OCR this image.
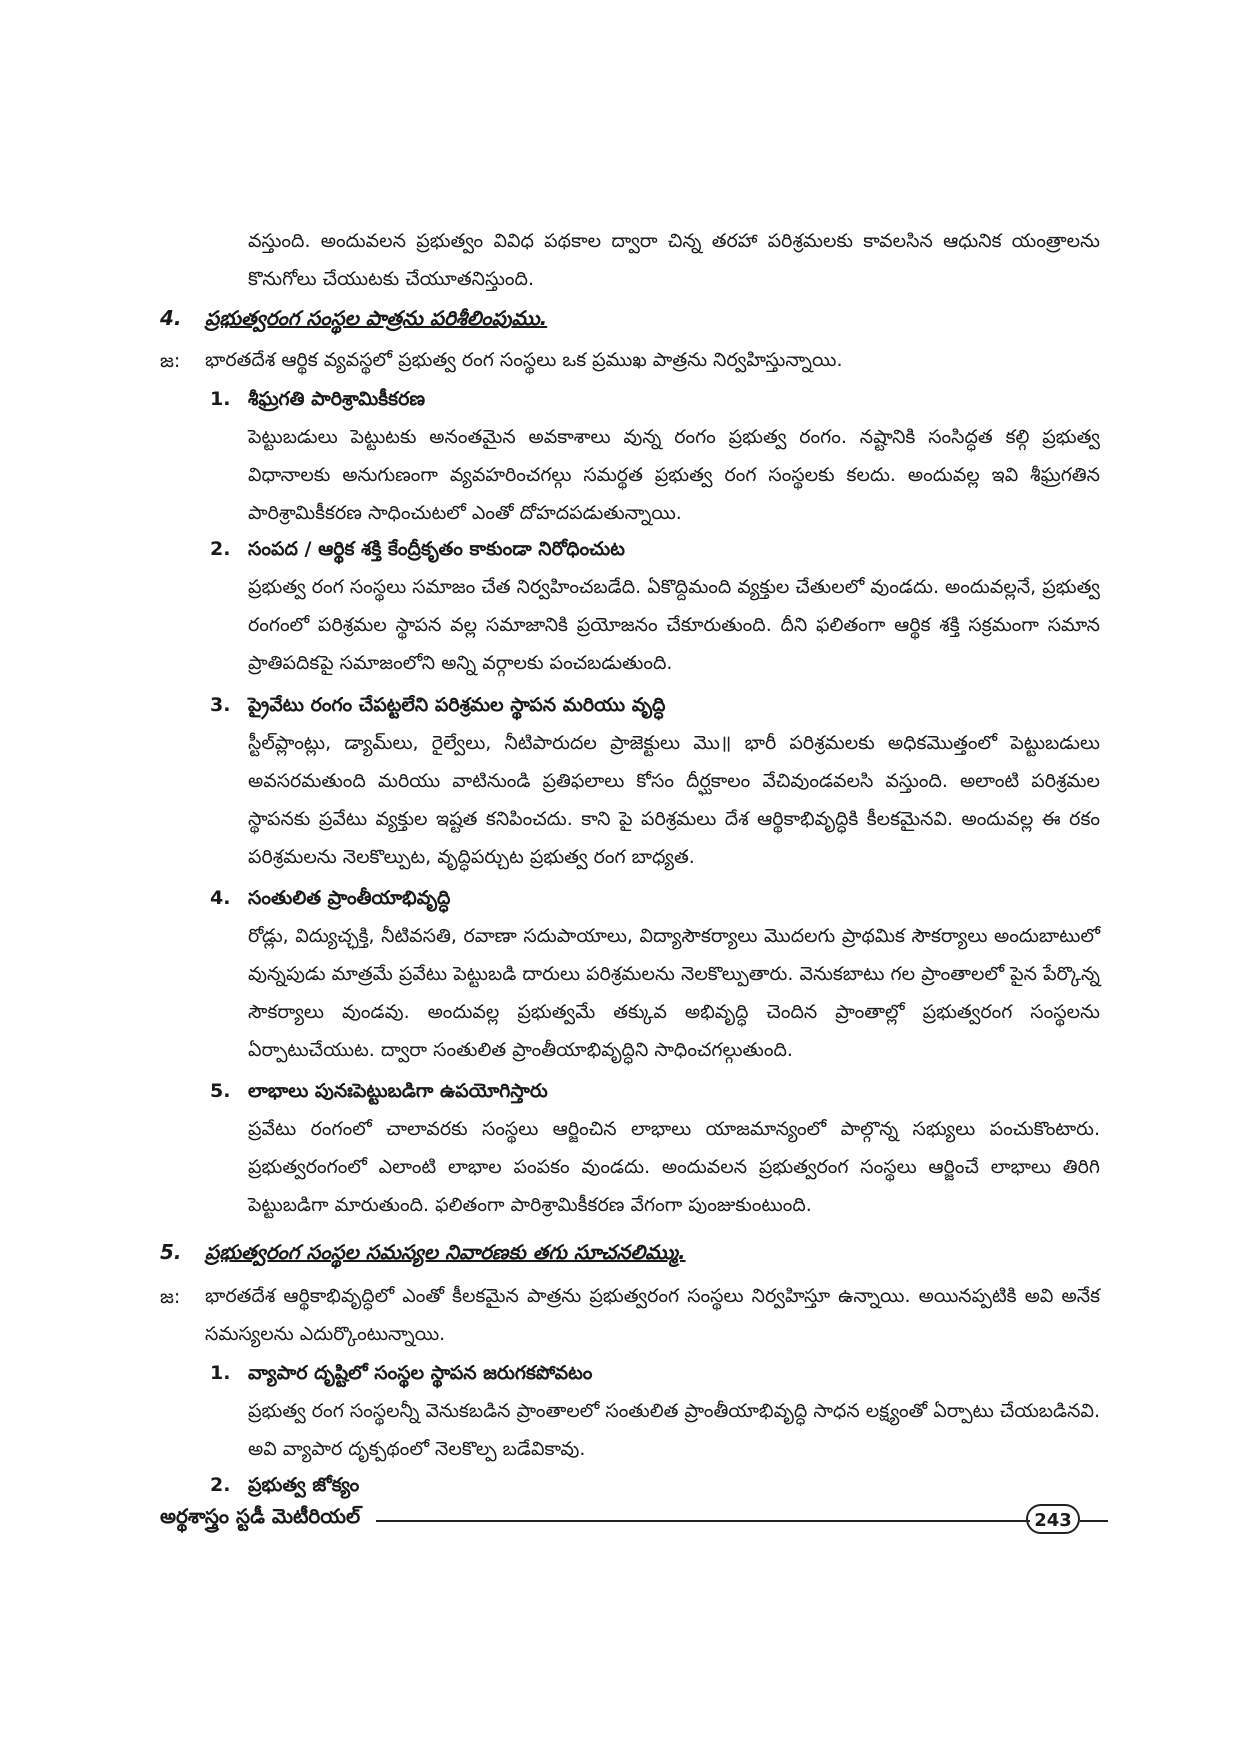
వస్తుంది. అందువలన ప్రభుత్వం వివిధ పథకాల ద్వారా చిన్న తరహా పరిశ్రమలకు కావలసిన ఆధునిక యంత్రాలను కొనుగోలు చేయుటకు చేయూతనిస్తుంది.

4. ప్రభుత్వరంగ సంస్థల పాత్రను పరిశీలింపుము.
జ: భారతదేశ ఆర్థిక వ్యవస్థలో ప్రభుత్వ రంగ సంస్థలు ఒక ప్రముఖ పాత్రను నిర్వహిస్తున్నాయి.

1. శీఘ్రగతి పారిశ్రామికీకరణ

పెట్టుబడులు పెట్టుటకు అనంతమైన అవకాశాలు వున్న రంగం ప్రభుత్వ రంగం. నష్టానికి సంసిద్ధత కల్గి ప్రభుత్వ విధానాలకు అనుగుణంగా వ్యవహరించగల్గు సమర్థత ప్రభుత్వ రంగ సంస్థలకు కలదు. అందువల్ల ఇవి శీఘ్రగతిన పారిశ్రామికీకరణ సాధించుటలో ఎంతో దోహదపడుతున్నాయి.

2. సంపద / ఆర్థిక శక్తి కేంద్రీకృతం కాకుండా నిరోధించుట

ప్రభుత్వ రంగ సంస్థలు సమాజం చేత నిర్వహించబడేది. ఏకొద్దిమంది వ్యక్తుల చేతులలో వుండదు. అందువల్లనే, ప్రభుత్వ రంగంలో పరిశ్రమల స్థాపన వల్ల సమాజానికి ప్రయోజనం చేకూరుతుంది. దీని ఫలితంగా ఆర్థిక శక్తి సక్రమంగా సమాన ప్రాతిపదికపై సమాజంలోని అన్ని వర్గాలకు పంచబడుతుంది.

3. ప్రైవేటు రంగం చేపట్టలేని పరిశ్రమల స్థాపన మరియు వృద్ధి

స్టీల్‌ప్లాంట్లు, డ్యామ్‌లు, రైల్వేలు, నీటిపారుదల ప్రాజెక్టులు మొ॥ భారీ పరిశ్రమలకు అధికమొత్తంలో పెట్టుబడులు అవసరమతుంది మరియు వాటినుండి ప్రతిఫలాలు కోసం దీర్ఘకాలం వేచివుండవలసి వస్తుంది. అలాంటి పరిశ్రమల స్థాపనకు ప్రవేటు వ్యక్తుల ఇష్టత కనిపించదు. కాని పై పరిశ్రమలు దేశ ఆర్థికాభివృద్ధికి కీలకమైనవి. అందువల్ల ఈ రకం పరిశ్రమలను నెలకొల్పుట, వృద్ధిపర్చుట ప్రభుత్వ రంగ బాధ్యత.

4. సంతులిత ప్రాంతీయాభివృద్ధి

రోడ్లు, విద్యుచ్ఛక్తి, నీటివసతి, రవాణా సదుపాయాలు, విద్యాసౌకర్యాలు మొదలగు ప్రాథమిక సౌకర్యాలు అందుబాటులో వున్నపుడు మాత్రమే ప్రవేటు పెట్టుబడి దారులు పరిశ్రమలను నెలకొల్పుతారు. వెనుకబాటు గల ప్రాంతాలలో పైన పేర్కొన్న సౌకర్యాలు వుండవు. అందువల్ల ప్రభుత్వమే తక్కువ అభివృద్ధి చెందిన ప్రాంతాల్లో ప్రభుత్వరంగ సంస్థలను ఏర్పాటుచేయుట. ద్వారా సంతులిత ప్రాంతీయాభివృద్ధిని సాధించగల్గుతుంది.

5. లాభాలు పునఃపెట్టుబడిగా ఉపయోగిస్తారు

ప్రవేటు రంగంలో చాలావరకు సంస్థలు ఆర్జించిన లాభాలు యాజమాన్యంలో పాల్గొన్న సభ్యులు పంచుకొంటారు. ప్రభుత్వరంగంలో ఎలాంటి లాభాల పంపకం వుండదు. అందువలన ప్రభుత్వరంగ సంస్థలు ఆర్జించే లాభాలు తిరిగి పెట్టుబడిగా మారుతుంది. ఫలితంగా పారిశ్రామికీకరణ వేగంగా పుంజుకుంటుంది.

5. ప్రభుత్వరంగ సంస్థల సమస్యల నివారణకు తగు సూచనలిమ్ము.
జ: భారతదేశ ఆర్థికాభివృద్ధిలో ఎంతో కీలకమైన పాత్రను ప్రభుత్వరంగ సంస్థలు నిర్వహిస్తూ ఉన్నాయి. అయినప్పటికి అవి అనేక సమస్యలను ఎదుర్కొంటున్నాయి.

1. వ్యాపార దృష్టిలో సంస్థల స్థాపన జరుగకపోవటం

ప్రభుత్వ రంగ సంస్థలన్నీ వెనుకబడిన ప్రాంతాలలో సంతులిత ప్రాంతీయాభివృద్ధి సాధన లక్ష్యంతో ఏర్పాటు చేయబడినవి. అవి వ్యాపార దృక్పథంలో నెలకొల్ప బడేవికావు.

2. ప్రభుత్వ జోక్యం
అర్థశాస్త్రం స్టడీ మెటీరియల్	243
